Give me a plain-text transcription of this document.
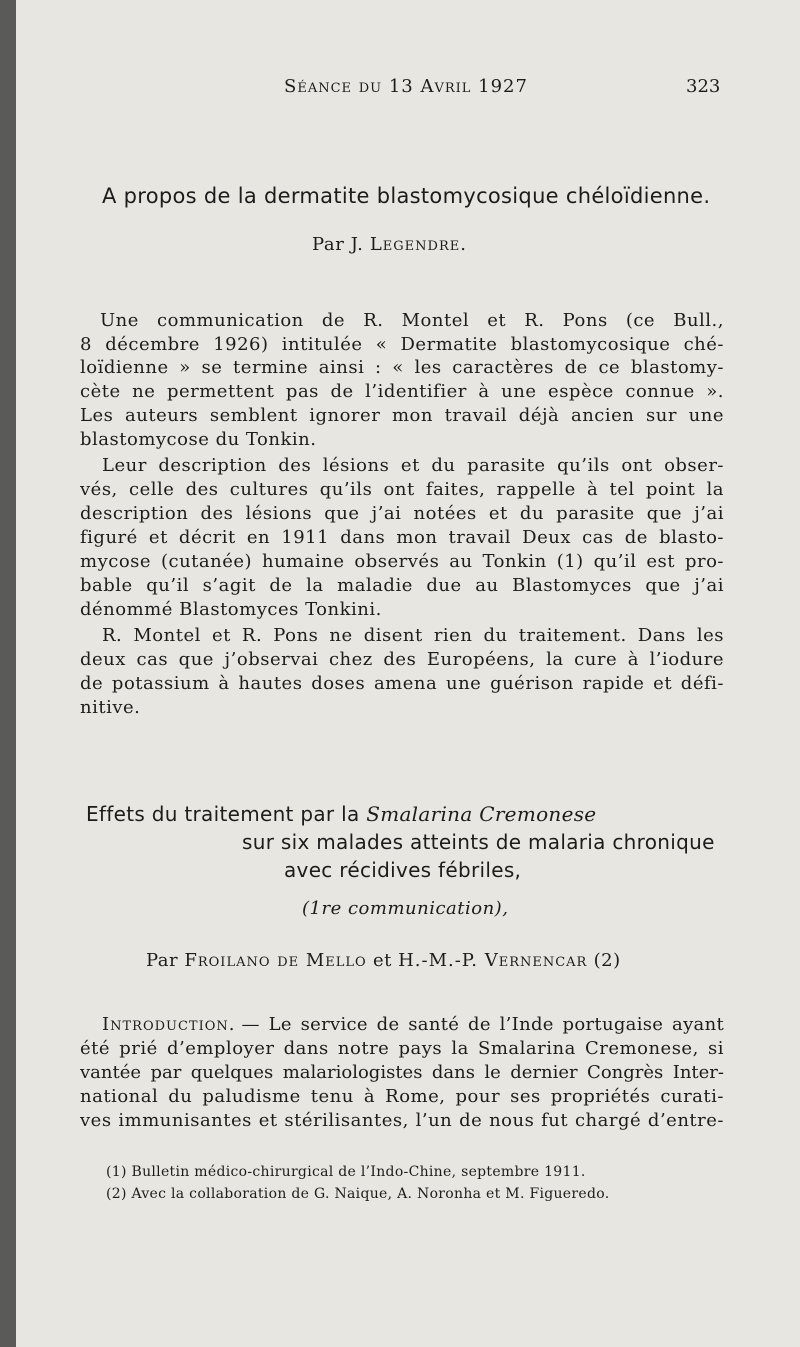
Séance du 13 Avril 1927	323
A propos de la dermatite blastomycosique chéloïdienne.
Par J. Legendre.

Une communication de R. Montel et R. Pons (ce Bull.,

8 décembre 1926) intitulée « Dermatite blastomycosique ché-

loïdienne » se termine ainsi : « les caractères de ce blastomy-

cète ne permettent pas de l’identifier à une espèce connue ».

Les auteurs semblent ignorer mon travail déjà ancien sur une

blastomycose du Tonkin.

Leur description des lésions et du parasite qu’ils ont obser-

vés, celle des cultures qu’ils ont faites, rappelle à tel point la

description des lésions que j’ai notées et du parasite que j’ai

figuré et décrit en 1911 dans mon travail Deux cas de blasto-

mycose (cutanée) humaine observés au Tonkin (1) qu’il est pro-

bable qu’il s’agit de la maladie due au Blastomyces que j’ai

dénommé Blastomyces Tonkini.

R. Montel et R. Pons ne disent rien du traitement. Dans les

deux cas que j’observai chez des Européens, la cure à l’iodure

de potassium à hautes doses amena une guérison rapide et défi-

nitive.

Effets du traitement par la Smalarina Cremonese
sur six malades atteints de malaria chronique
avec récidives fébriles,
(1re communication),
Par Froilano de Mello et H.-M.-P. Vernencar (2)
Introduction. — Le service de santé de l’Inde portugaise ayant

été prié d’employer dans notre pays la Smalarina Cremonese, si

vantée par quelques malariologistes dans le dernier Congrès Inter-

national du paludisme tenu à Rome, pour ses propriétés curati-

ves immunisantes et stérilisantes, l’un de nous fut chargé d’entre-

(1) Bulletin médico-chirurgical de l’Indo-Chine, septembre 1911.
(2) Avec la collaboration de G. Naique, A. Noronha et M. Figueredo.
